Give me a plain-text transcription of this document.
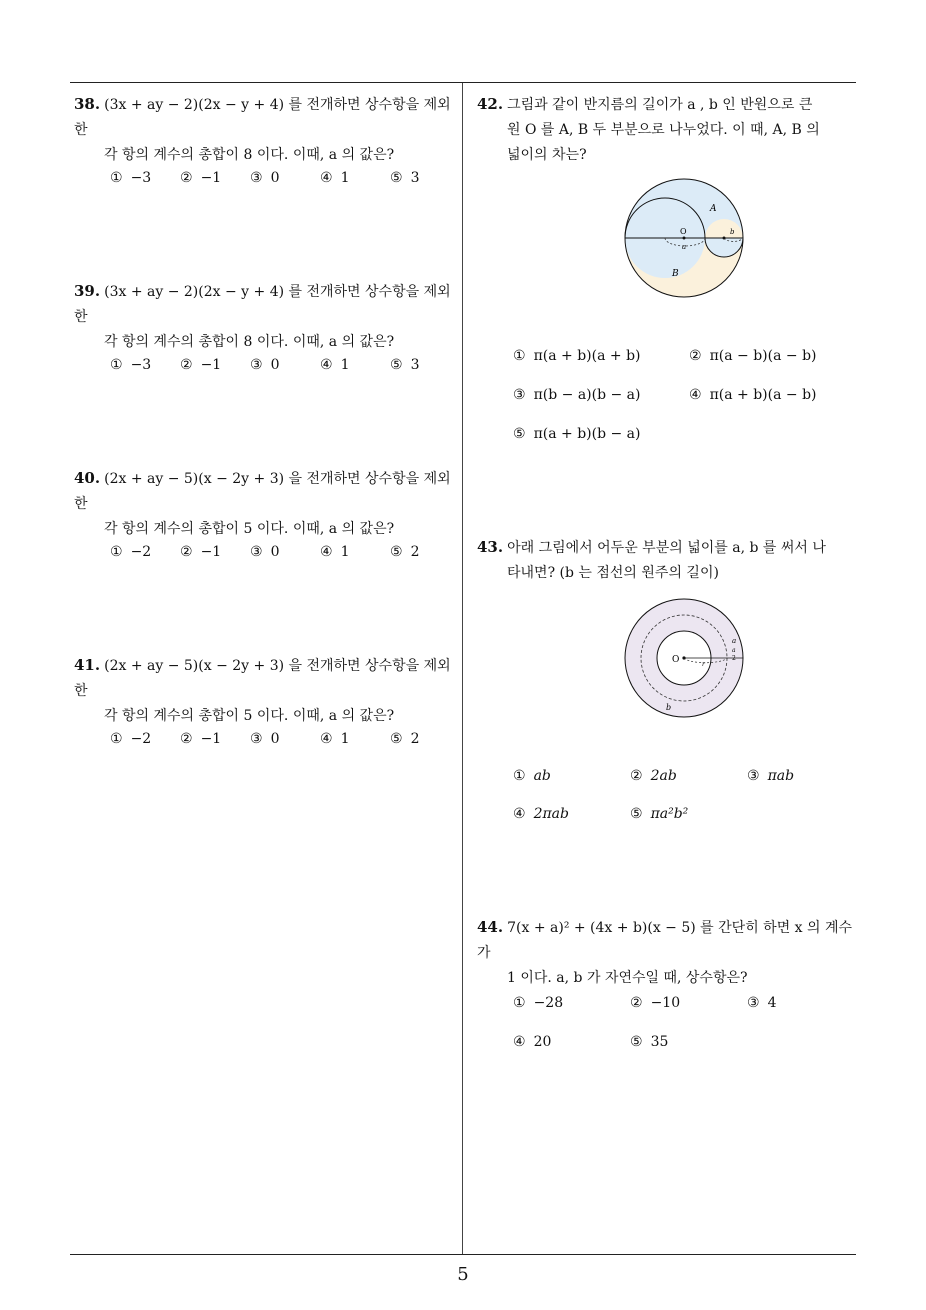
38. (3x + ay − 2)(2x − y + 4) 를 전개하면 상수항을 제외한
각 항의 계수의 총합이 8 이다. 이때, a 의 값은?
① −3 ② −1 ③ 0	④ 1	⑤ 3
39. (3x + ay − 2)(2x − y + 4) 를 전개하면 상수항을 제외한
각 항의 계수의 총합이 8 이다. 이때, a 의 값은?
① −3 ② −1 ③ 0	④ 1	⑤ 3
40. (2x + ay − 5)(x − 2y + 3) 을 전개하면 상수항을 제외한
각 항의 계수의 총합이 5 이다. 이때, a 의 값은?
① −2 ② −1 ③ 0	④ 1	⑤ 2
41. (2x + ay − 5)(x − 2y + 3) 을 전개하면 상수항을 제외한
각 항의 계수의 총합이 5 이다. 이때, a 의 값은?
① −2 ② −1 ③ 0	④ 1	⑤ 2
42. 그림과 같이 반지름의 길이가 a , b 인 반원으로 큰
원 O 를 A, B 두 부분으로 나누었다. 이 때, A, B 의
넓이의 차는?
A
B
O
a
b
① π(a + b)(a + b)	② π(a − b)(a − b)
③ π(b − a)(b − a)	④ π(a + b)(a − b)
⑤ π(a + b)(b − a)
43. 아래 그림에서 어두운 부분의 넓이를 a, b 를 써서 나
타내면? (b 는 점선의 원주의 길이)
O
a
a
2
r
b
① ab	② 2ab	③ πab
④ 2πab	⑤ πa²b²
44. 7(x + a)² + (4x + b)(x − 5) 를 간단히 하면 x 의 계수가
1 이다. a, b 가 자연수일 때, 상수항은?
① −28	② −10	③ 4
④ 20	⑤ 35
5
